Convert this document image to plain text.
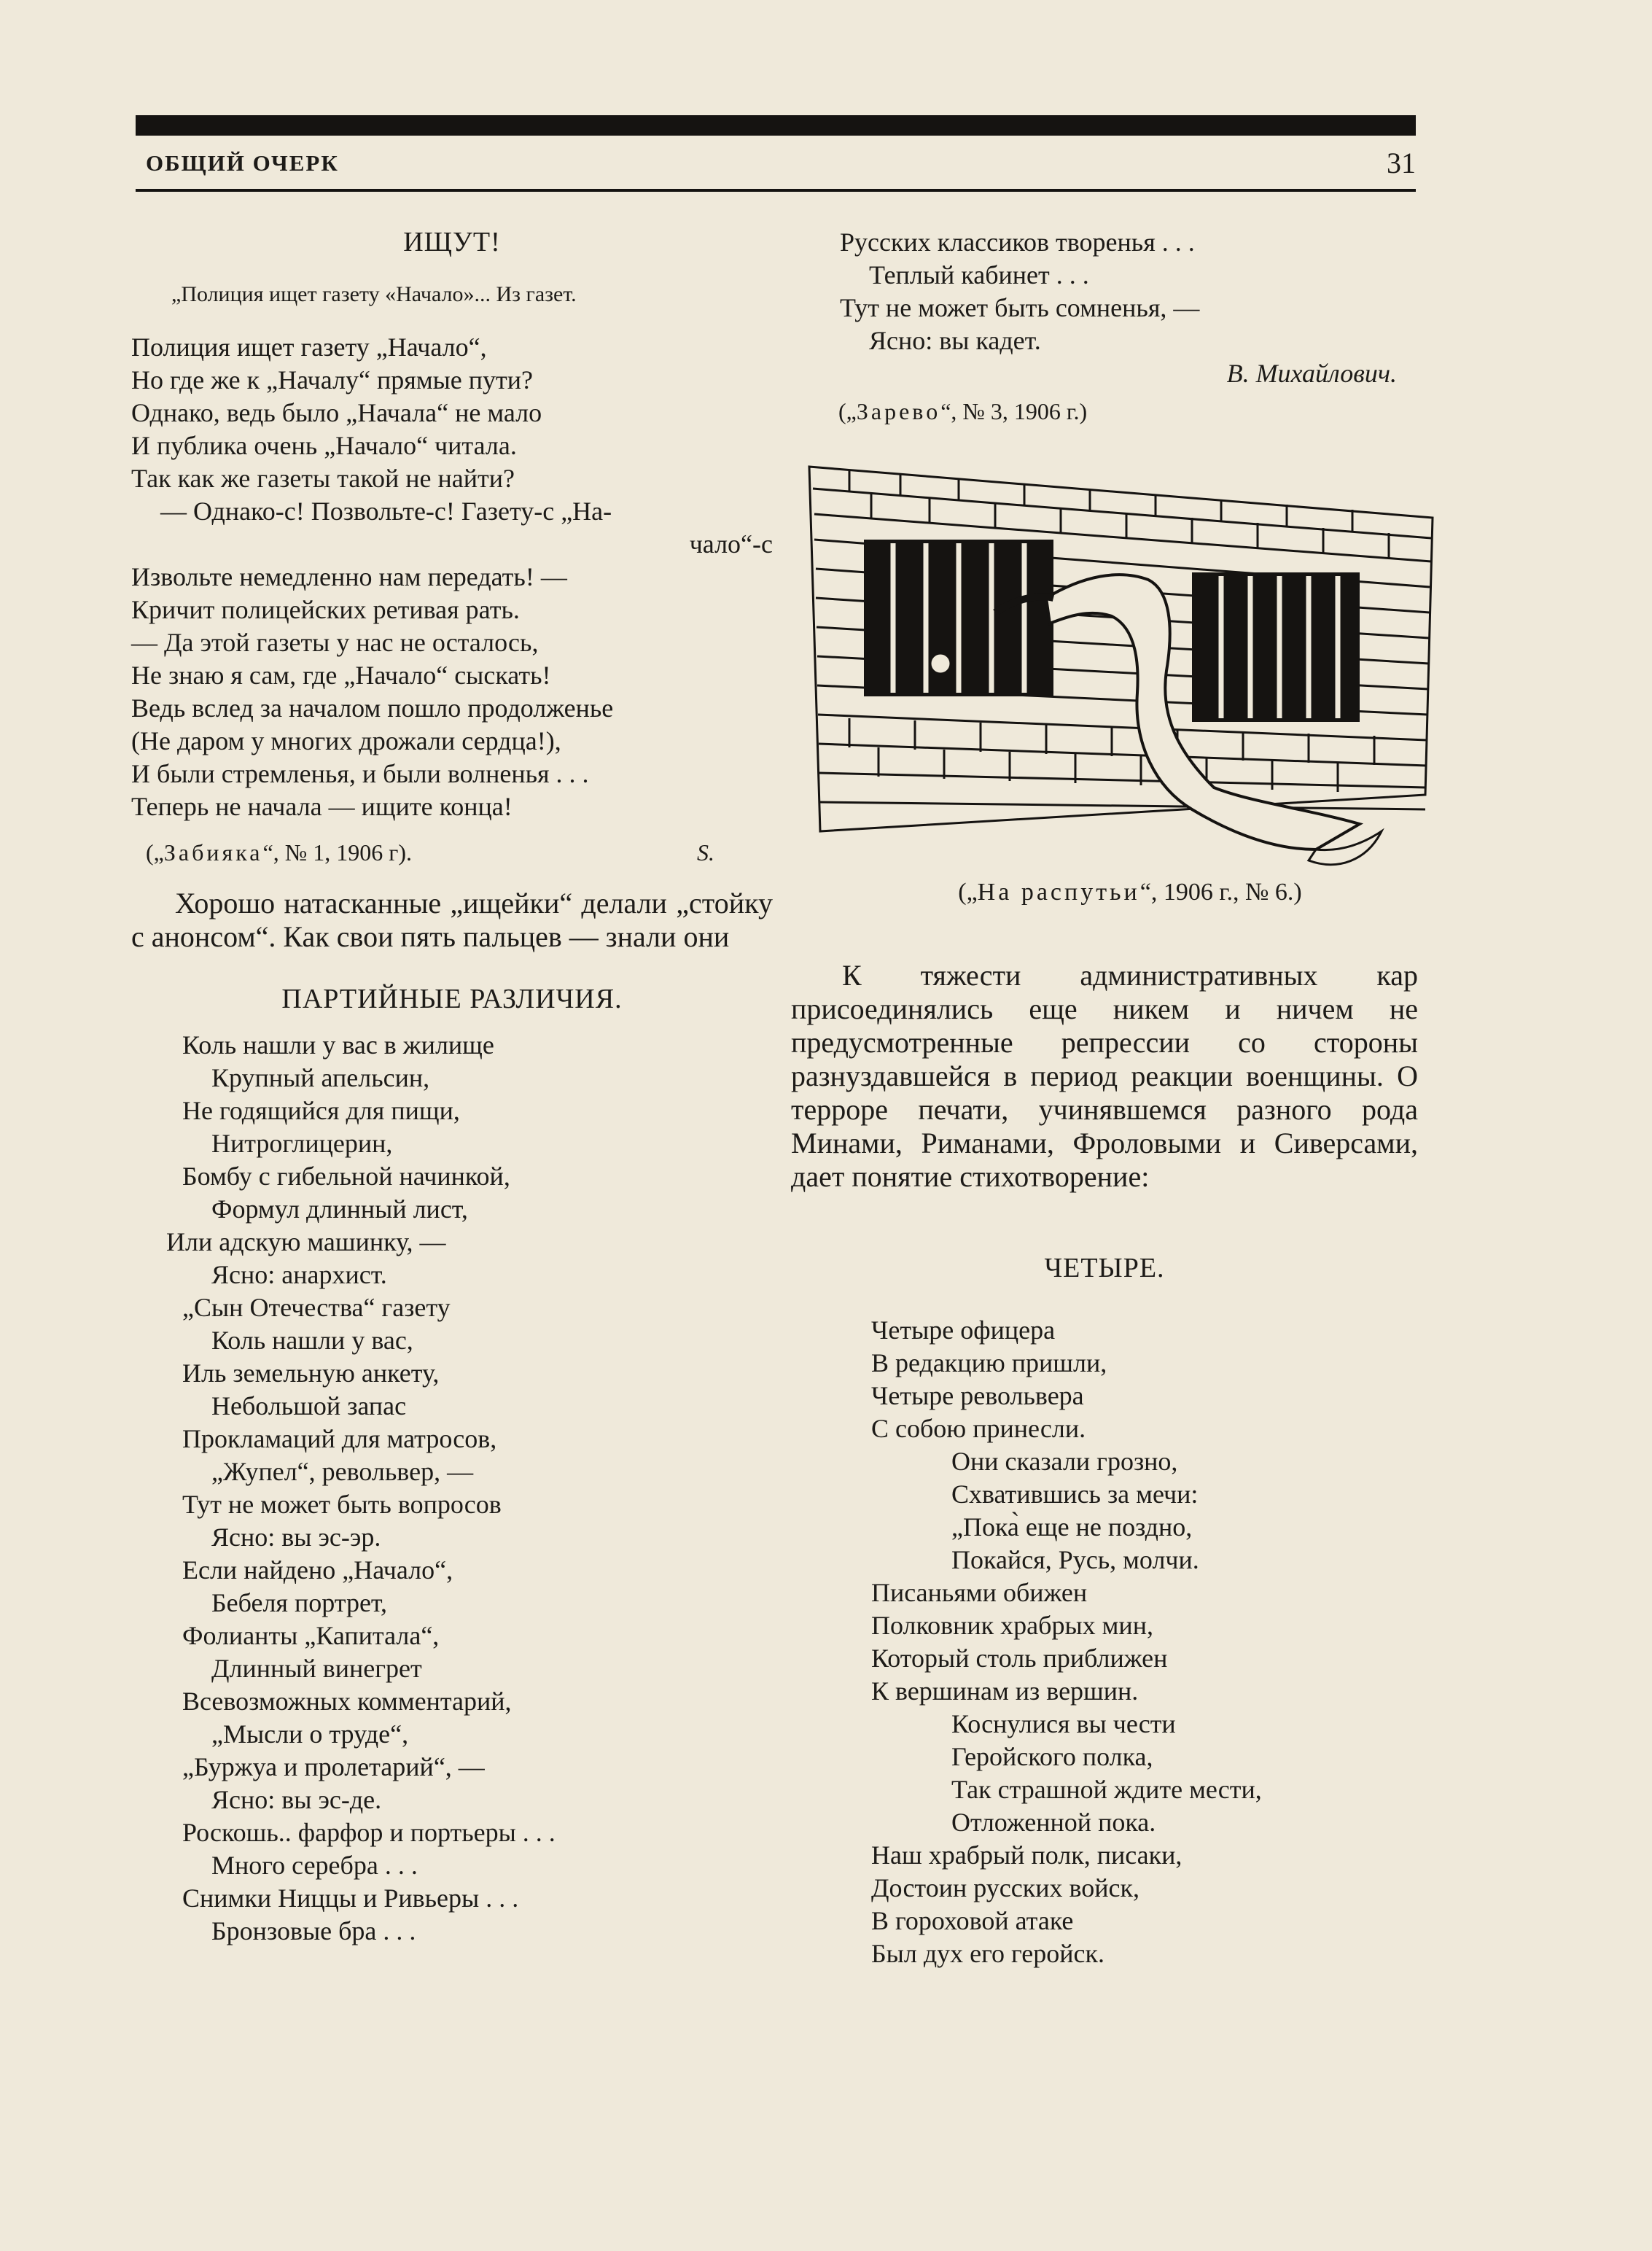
ОБЩИЙ ОЧЕРК	31

ИЩУТ!

„Полиция ищет газету «Начало»... Из газет.

Полиция ищет газету „Начало“,

Но где же к „Началу“ прямые пути?

Однако, ведь было „Начала“ не мало

И публика очень „Начало“ читала.

Так как же газеты такой не найти?

— Однако-с! Позвольте-с! Газету-с „На-

чало“-с

Извольте немедленно нам передать! —

Кричит полицейских ретивая рать.

— Да этой газеты у нас не осталось,

Не знаю я сам, где „Начало“ сыскать!

Ведь вслед за началом пошло продолженье

(Не даром у многих дрожали сердца!),

И были стремленья, и были волненья . . .

Теперь не начала — ищите конца!

(„Забияка“, № 1, 1906 г).	S.

Хорошо натасканные „ищейки“ делали „стойку с анонсом“. Как свои пять пальцев — знали они

ПАРТИЙНЫЕ РАЗЛИЧИЯ.

Коль нашли у вас в жилище

Крупный апельсин,

Не годящийся для пищи,

Нитроглицерин,

Бомбу с гибельной начинкой,

Формул длинный лист,

Или адскую машинку, —

Ясно: анархист.

„Сын Отечества“ газету

Коль нашли у вас,

Иль земельную анкету,

Небольшой запас

Прокламаций для матросов,

„Жупел“, револьвер, —

Тут не может быть вопросов

Ясно: вы эс-эр.

Если найдено „Начало“,

Бебеля портрет,

Фолианты „Капитала“,

Длинный винегрет

Всевозможных комментарий,

„Мысли о труде“,

„Буржуа и пролетарий“, —

Ясно: вы эс-де.

Роскошь.. фарфор и портьеры . . .

Много серебра . . .

Снимки Ниццы и Ривьеры . . .

Бронзовые бра . . .

Русских классиков творенья . . .

Теплый кабинет . . .

Тут не может быть сомненья, —

Ясно: вы кадет.

В. Михайлович.
(„Зарево“, № 3, 1906 г.)
(„На распутьи“, 1906 г., № 6.)

К тяжести административных кар присоединялись еще никем и ничем не предусмотренные репрессии со стороны разнуздавшейся в период реакции военщины. О терроре печати, учинявшемся разного рода Минами, Риманами, Фроловыми и Сиверсами, дает понятие стихотворение:

ЧЕТЫРЕ.

Четыре офицера

В редакцию пришли,

Четыре револьвера

С собою принесли.

Они сказали грозно,

Схватившись за мечи:

„Пока̀ еще не поздно,

Покайся, Русь, молчи.

Писаньями обижен

Полковник храбрых мин,

Который столь приближен

К вершинам из вершин.

Коснулися вы чести

Геройского полка,

Так страшной ждите мести,

Отложенной пока.

Наш храбрый полк, писаки,

Достоин русских войск,

В гороховой атаке

Был дух его геройск.
